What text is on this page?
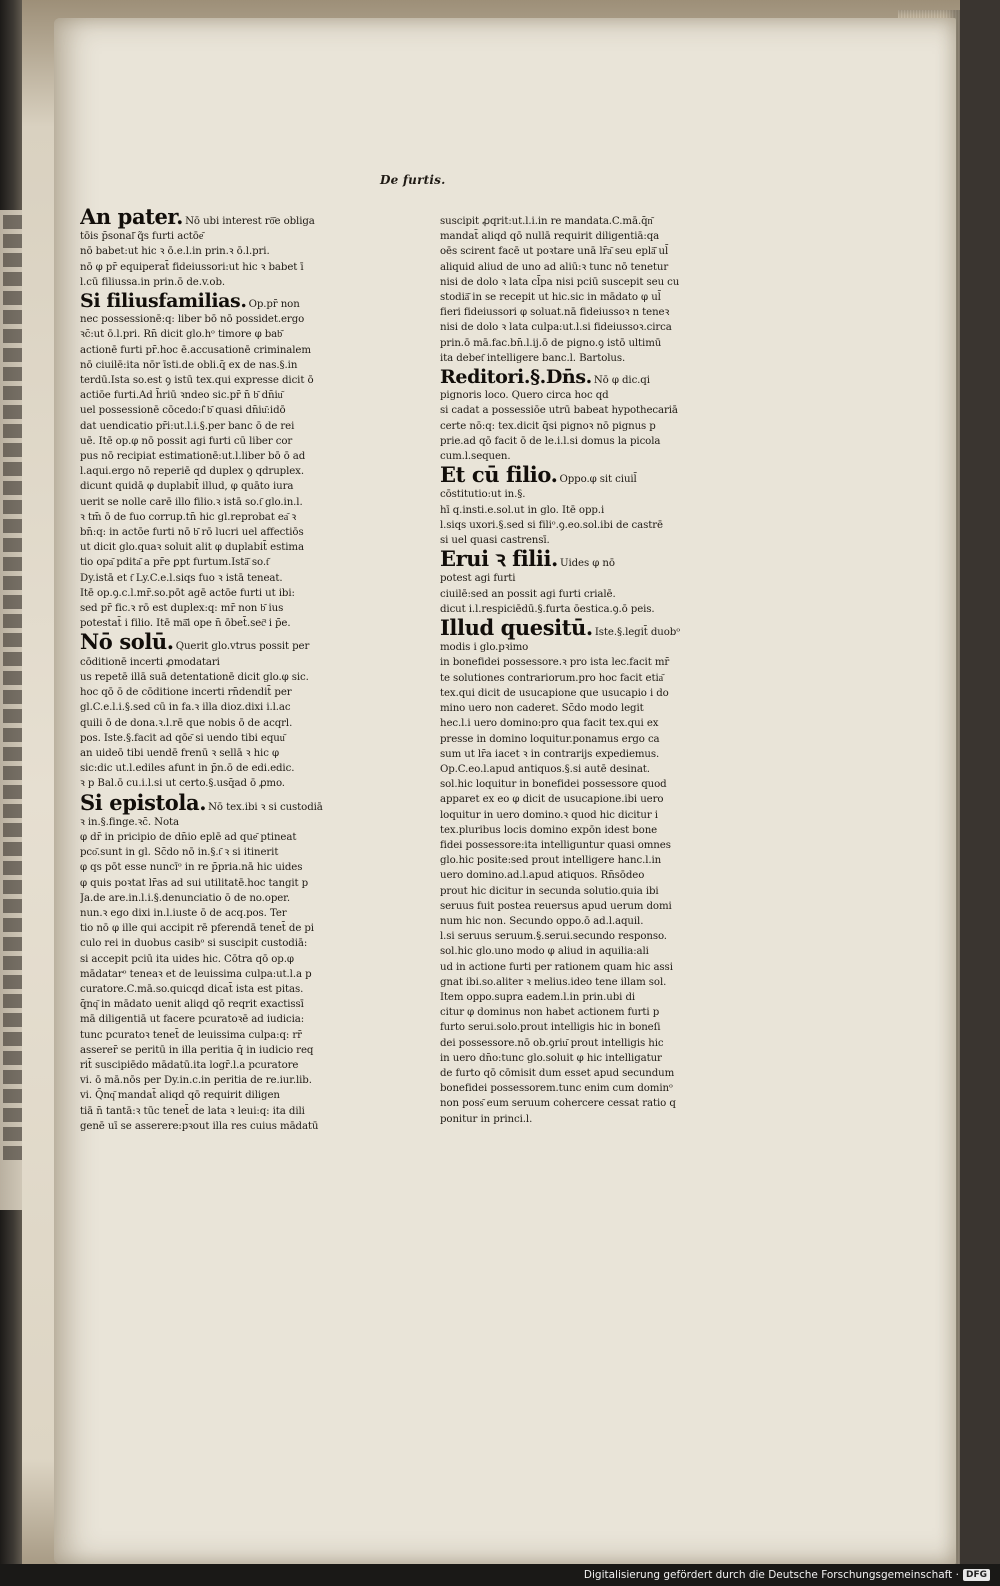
De furtis.
An pater. Nō ubi interest rō͂e obliga
tōis p̄sonal͂ q̃s furti actōe͂
nō babet:ut hic ꝛ ō.e.l.in prin.ꝛ ō.l.pri.
nō φ pr̄ equiperat̄ fideiussori:ut hic ꝛ babet ī
l.cū filiussa.in prin.ō de.v.ob.
Si filiusfamilias. Op.pr̄ non
nec possessionē:q: liber bō nō possidet.ergo
ꝛc̄:ut ō.l.pri. Rn̄ dicit glo.hᵒ timore φ bab͂
actionē furti pr̄.hoc ē.accusationē criminalem
nō ciuilē:ita nōr īsti.de obli.q̄ ex de nas.§.in
terdū.Ista so.est ꝯ istū tex.qui expresse dicit ō
actiōe furti.Ad h̄riū ꝛndeo sic.pr̄ n̄ b͂ dn̄iu͂
uel possessionē cōcedo:ſ͂ b͂ quasi dn̄iu͂:idō
dat uendicatio pr̄i:ut.l.i.§.per banc ō de rei
uē. Itē op.φ nō possit agi furti cū liber cor
pus nō recipiat estimationē:ut.l.liber bō ō ad
l.aqui.ergo nō reperiē qd duplex ꝯ qdruplex.
dicunt quidā φ duplabit̄ illud, φ quāto iura
uerit se nolle carē illo filio.ꝛ istā so.t͂ glo.in.l.
ꝛ tm̄ ō de fuo corrup.tn̄ hic gl.reprobat ea͂ ꝛ
bn̄:q: in actōe furti nō b͂ rō lucri uel affectiōs
ut dicit glo.quaꝛ soluit alit φ duplabit̄ estima
tio opa͂ pdita͂ a pr̄e ꝑpt furtum.Istā͂ so.t͂
Dy.istā et t͂ Ly.C.e.l.siqs fuo ꝛ istā teneat.
Itē op.ꝯ.c.l.mr̄.so.pōt agē actōe furti ut ibi:
sed pr̄ fic.ꝛ rō est duplex:q: mr̄ non b͂ ius
potestat̄ i filio. Itē mā͂i ope n̄ ōbet̄.sec̄ͭ i p̄e.
Nō solū. Querit glo.vtrus possit per
cōditionē incerti ꝓmodatari
us repetē illā suā detentationē dicit glo.φ sic.
hoc qō ō de cōditione incerti rn̄dendit̄ per
gl.C.e.l.i.§.sed cū in fa.ꝛ illa dioz.dixi i.l.ac
quili ō de dona.ꝛ.l.rē que nobis ō de acqrl.
pos. Iste.§.facit ad qōe͂ si uendo tibi equu͂
an uideō tibi uendē frenū ꝛ sellā ꝛ hic φ
sic:dic ut.l.ediles afunt in p̄n.ō de edi.edic.
ꝛ p Bal.ō cu.i.l.si ut certo.§.usq̄ad ō ꝓmo.
Si epistola. Nō tex.ibi ꝛ si custodiā
ꝛ in.§.finge.ꝛc̄. Nota
φ dr̄ in pricipio de dn̄io eplē ad que͂ ptineat
pco͂.sunt in gl. Sc̄do nō in.§.t͂ ꝛ si itinerit
φ qs pōt esse nuncīᵒ in re p̄pria.nā hic uides
φ quis poꝛtat lr̄as ad sui utilitatē.hoc tangit p
Ja.de are.in.l.i.§.denunciatio ō de no.oper.
nun.ꝛ ego dixi in.l.iuste ō de acq.pos. Ter
tio nō φ ille qui accipit rē pferendā tenet̄ de pi
culo rei in duobus casibᵒ si suscipit custodiā:
si accepit pciū ita uides hic. Cōtra qō op.φ
mādatarᵒ teneaꝛ et de leuissima culpa:ut.l.a p
curatore.C.mā.so.quicqd dicat̄ ista est pitas.
q̄nq͂ in mādato uenit aliqd qō reqrit exactissī
mā diligentiā ut facere pcuratoꝛē ad iudicia:
tunc pcuratoꝛ tenet̄ de leuissima culpa:q: rr̄
asserer̄ se peritū in illa peritia q̄ in iudicio req
rit̄ suscipiēdo mādatū.ita logr̄.l.a pcuratore
vi. ō mā.nōs per Dy.in.c.in peritia de re.iur.lib.
vi. Q̄nq͂ mandat̄ aliqd qō requirit diligen
tiā n̄ tantā:ꝛ tūc tenet̄ de lata ꝛ leui:q: ita dili
genē uī se asserere:pꝛout illa res cuius mādatū
suscipit ꝓqrit:ut.l.i.in re mandata.C.mā.q̄n͂
mandat̄ aliqd qō nullā requirit diligentiā:qa
oēs scirent facē ut poꝛtare unā lr̄a͂ seu eplā͂ ul̄
aliquid aliud de uno ad aliū:ꝛ tunc nō tenetur
nisi de dolo ꝛ lata cl̄pa nisi pciū suscepit seu cu
stodiā͂ in se recepit ut hic.sic in mādato φ ul̄
fieri fideiussori φ soluat.nā fideiussoꝛ n teneꝛ
nisi de dolo ꝛ lata culpa:ut.l.si fideiussoꝛ.circa
prin.ō mā.fac.bn̄.l.ij.ō de pigno.ꝯ istō ultimū
ita debet͂ intelligere banc.l. Bartolus.
Reditori.§.Dn̄s. Nō φ dic.qi
pignoris loco. Quero circa hoc qd
si cadat a possessiōe utrū babeat hypothecariā
certe nō:q: tex.dicit q̄si pignoꝛ nō pignus p
prie.ad qō facit ō de le.i.l.si domus la picola
cum.l.sequen.
Et cū filio. Oppo.φ sit ciuil̄
cōstitutio:ut in.§.
hī q.insti.e.sol.ut in glo. Itē opp.i
l.siqs uxori.§.sed si filiᵒ.ꝯ.eo.sol.ibi de castrē
si uel quasi castrensī.
Erui ꝛ filii. Uides φ nō
potest agi furti
ciuilē:sed an possit agi furti crialē.
dicut i.l.respiciēdū.§.furta ōestica.ꝯ.ō peis.
Illud quesitū. Iste.§.legit̄ duobᵒ
modis i glo.pꝛimo
in bonefidei possessore.ꝛ pro ista lec.facit mr̄
te solutiones contrariorum.pro hoc facit etia͂
tex.qui dicit de usucapione que usucapio i do
mino uero non caderet. Sc̄do modo legit
hec.l.i uero domino:pro qua facit tex.qui ex
presse in domino loquitur.ponamus ergo ca
sum ut lr̄a iacet ꝛ in contrarijs expediemus.
Op.C.eo.l.apud antiquos.§.si autē desinat.
sol.hic loquitur in bonefidei possessore quod
apparet ex eo φ dicit de usucapione.ibi uero
loquitur in uero domino.ꝛ quod hic dicitur i
tex.pluribus locis domino expōn idest bone
fidei possessore:ita intelliguntur quasi omnes
glo.hic posite:sed prout intelligere hanc.l.in
uero domino.ad.l.apud atiquos. Rn̄sōdeo
prout hic dicitur in secunda solutio.quia ibi
seruus fuit postea reuersus apud uerum domi
num hic non. Secundo oppo.ō ad.l.aquil.
l.si seruus seruum.§.serui.secundo responso.
sol.hic glo.uno modo φ aliud in aquilia:ali
ud in actione furti per rationem quam hic assi
gnat ibi.so.aliter ꝛ melius.ideo tene illam sol.
Item oppo.supra eadem.l.in prin.ubi di
citur φ dominus non habet actionem furti p
furto serui.solo.prout intelligis hic in boneſi
dei possessore.nō ob.ꝯriu͂ prout intelligis hic
in uero dn̄o:tunc glo.soluit φ hic intelligatur
de furto qō cōmisit dum esset apud secundum
bonefidei possessorem.tunc enim cum dominᵒ
non poss͂ eum seruum cohercere cessat ratio q
ponitur in princi.l.
Digitalisierung gefördert durch die Deutsche Forschungsgemeinschaft · DFG
